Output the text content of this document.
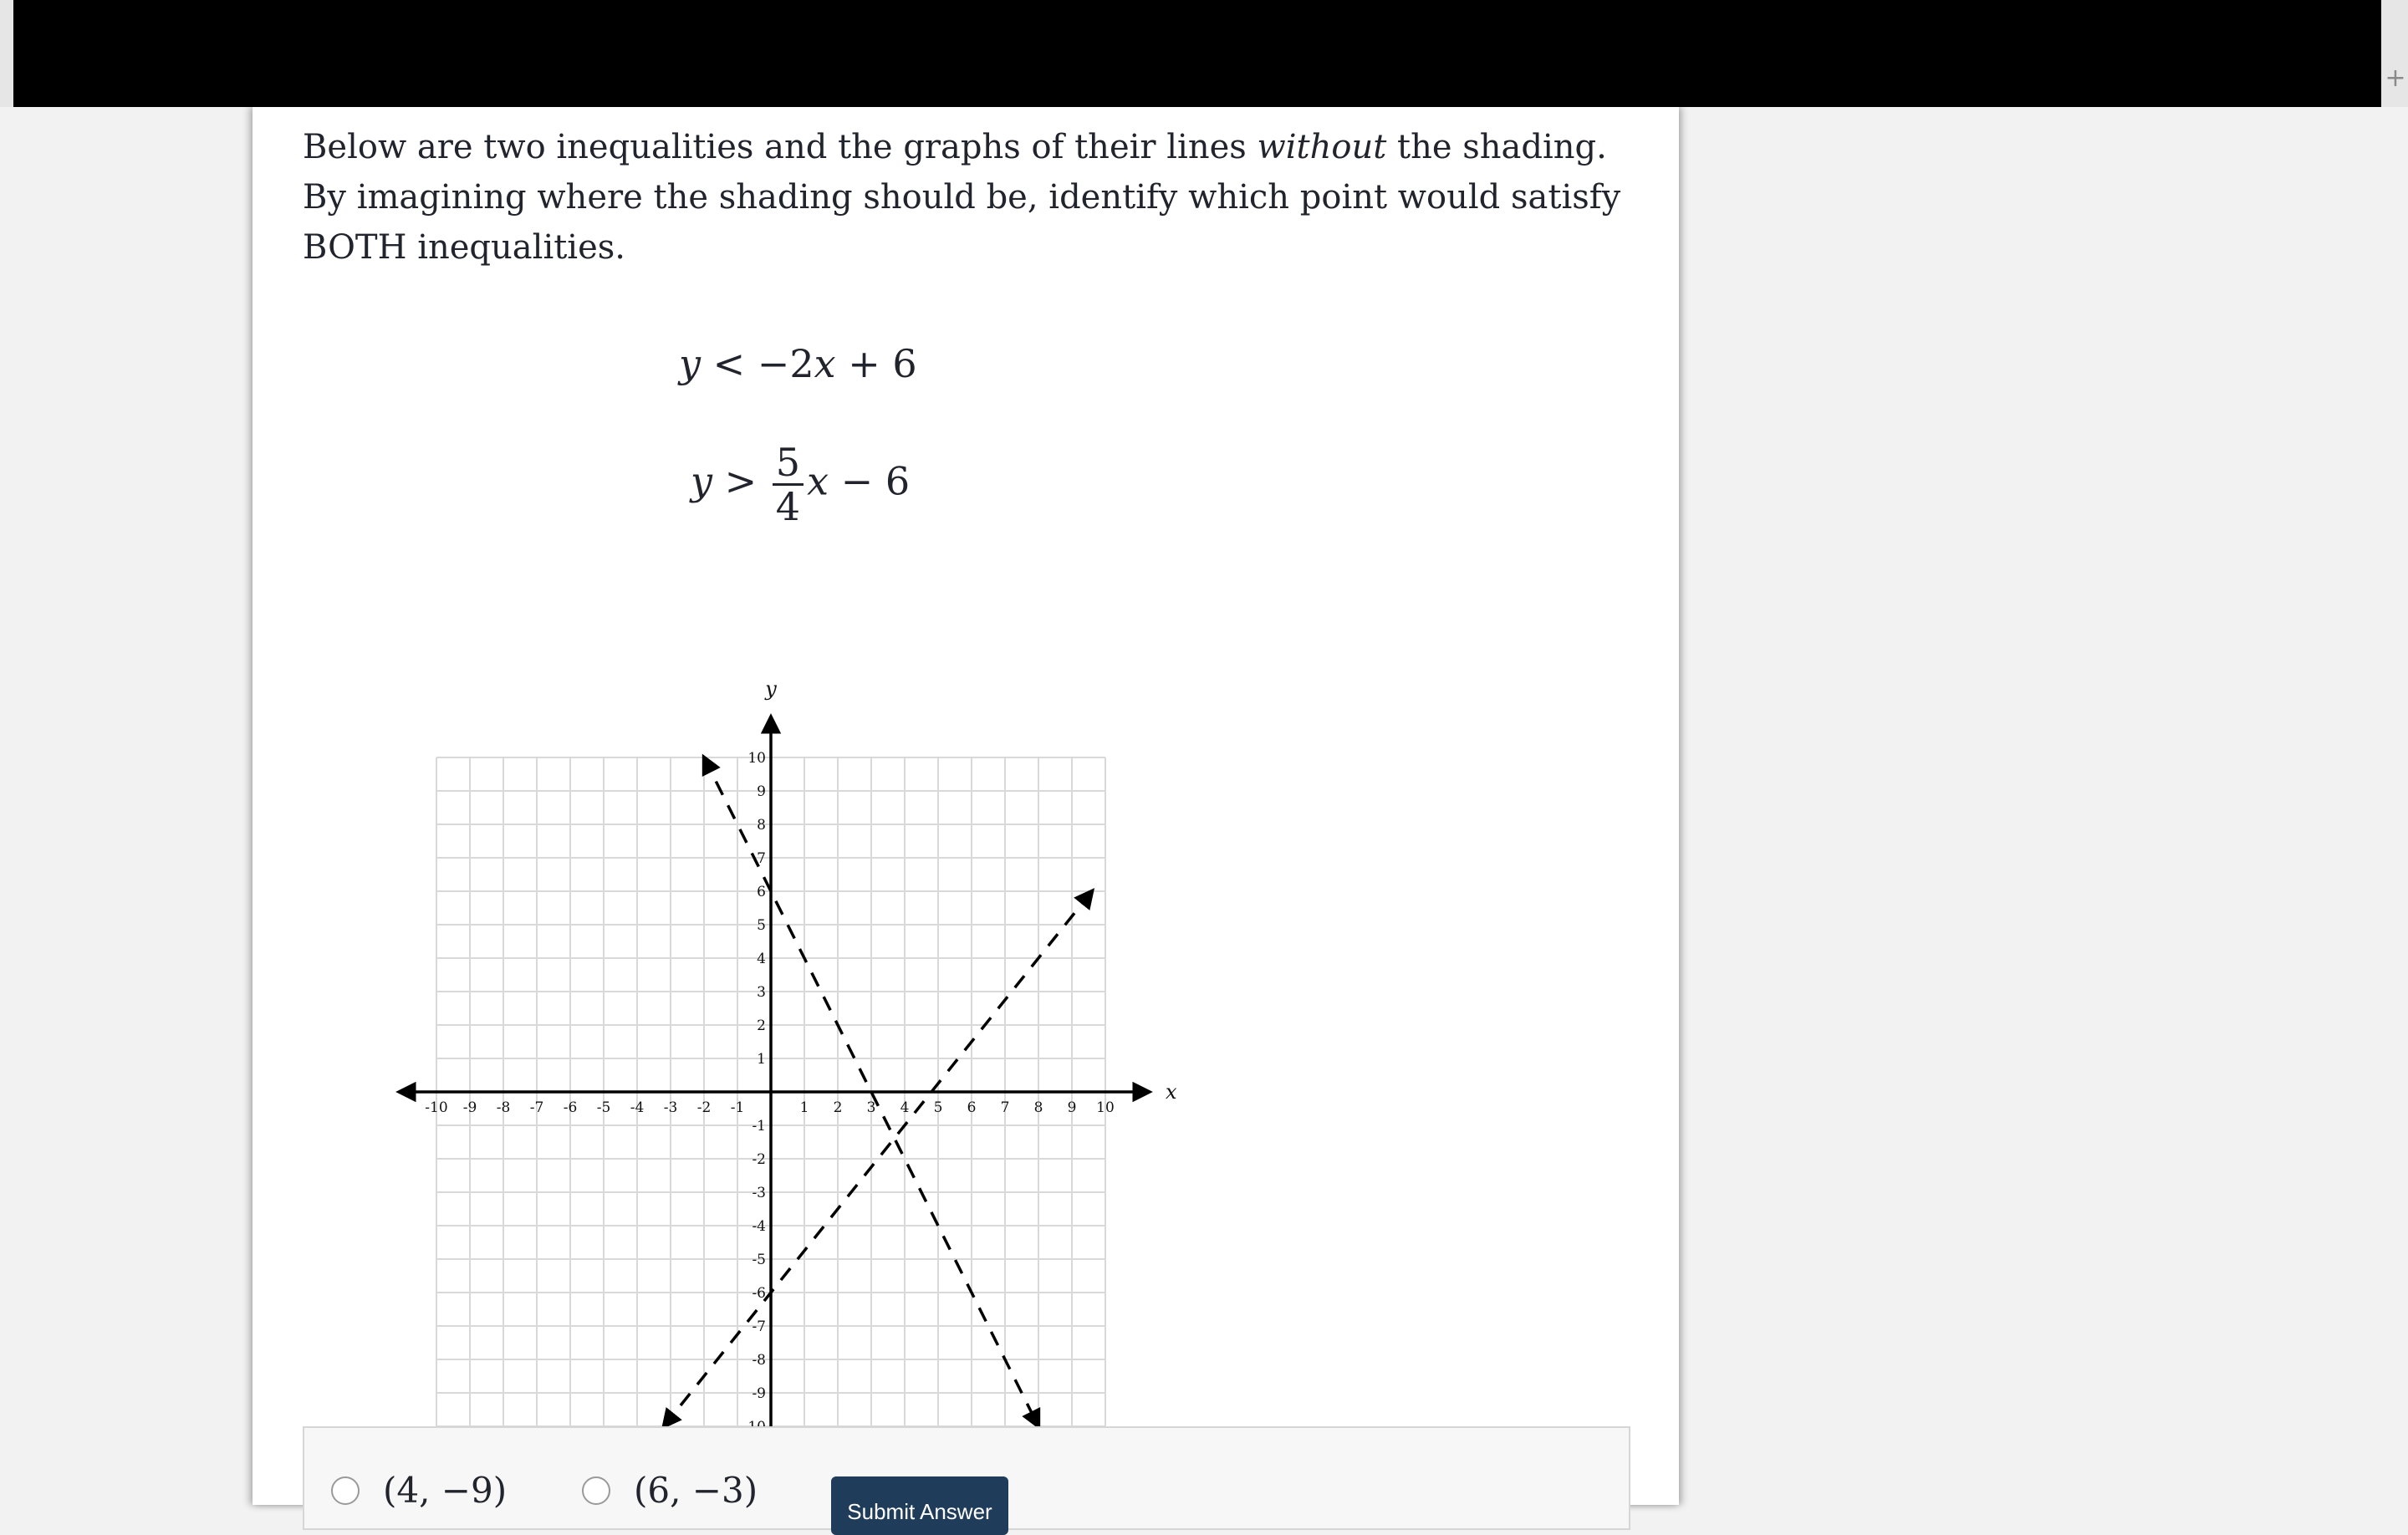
+

Below are two inequalities and the graphs of their lines without the shading. By imagining where the shading should be, identify which point would satisfy BOTH inequalities.

y < −2x + 6
$y > \frac{5}{4}$ x − 6
-10 -9 -8 -7 -6 -5 -4 -3 -2 -1	1 2 3 4 5 6 7 8 9 10
10
9
8
7
6
5
4
3
2
1
-1
-2
-3
-4
-5
-6
-7
-8
-9
x
y
(4, −9)	(6, −3)
Submit Answer
